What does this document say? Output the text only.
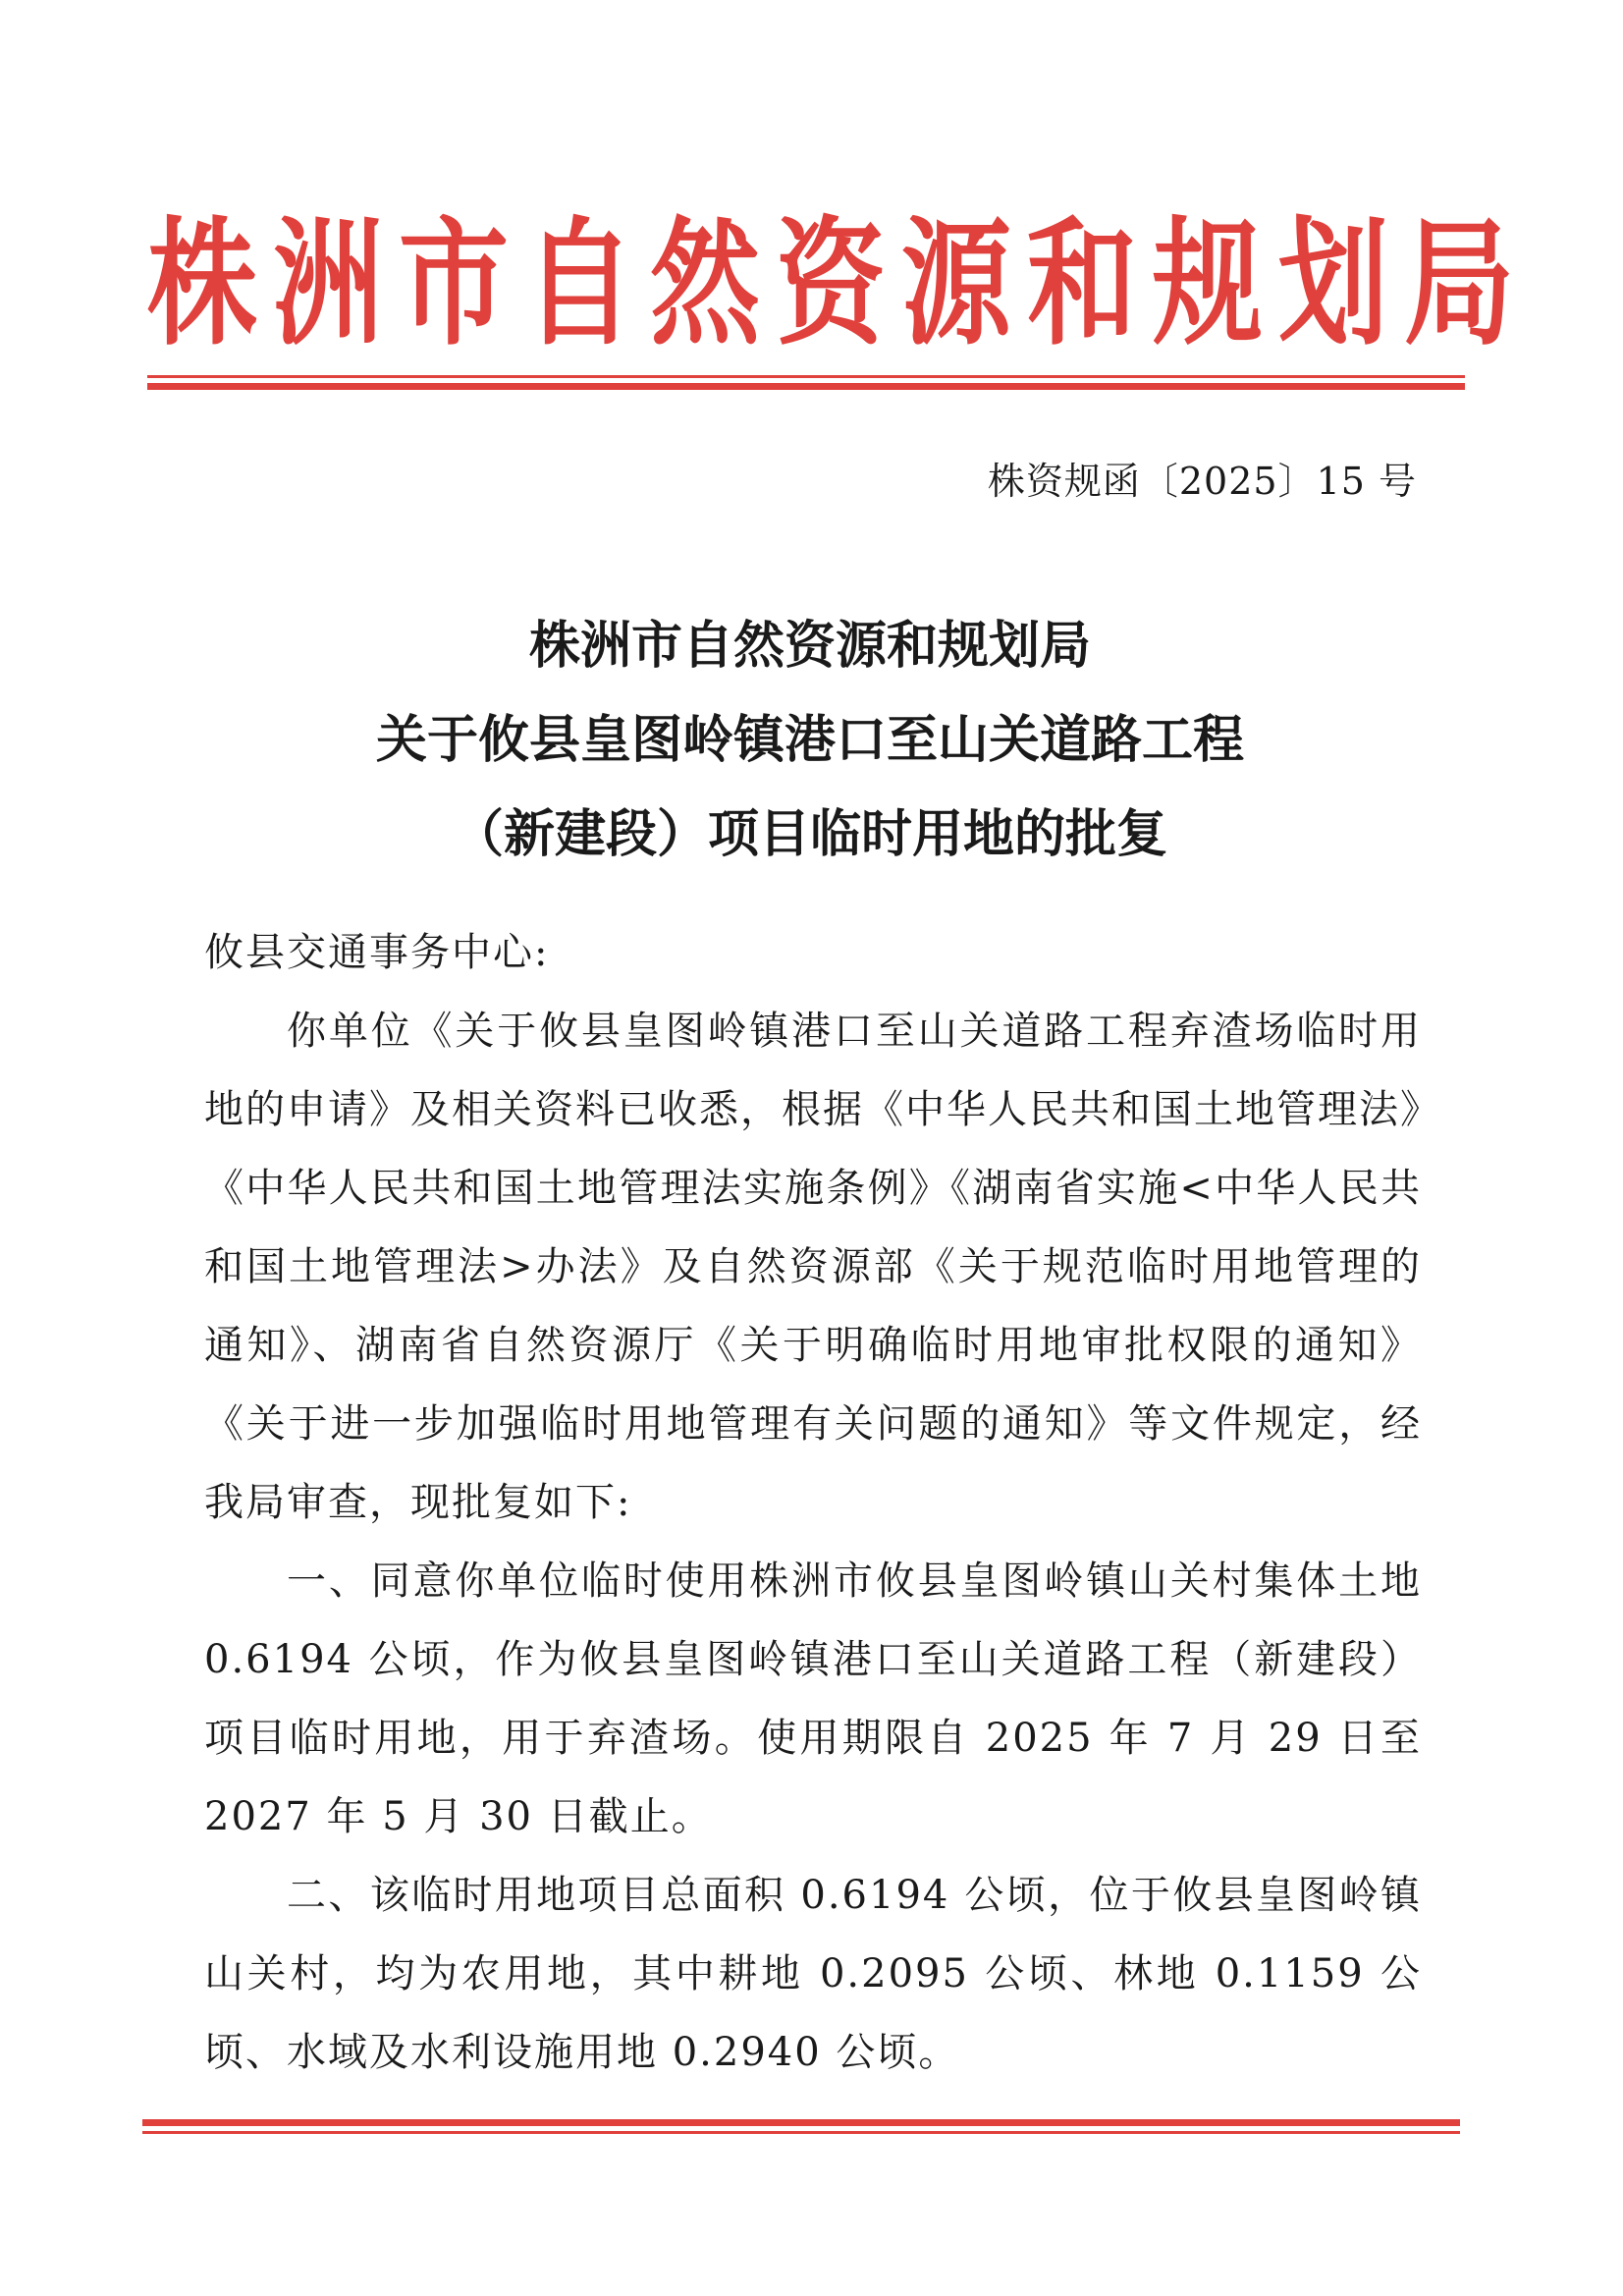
株洲市自然资源和规划局
株资规函〔2025〕15 号
株洲市自然资源和规划局
关于攸县皇图岭镇港口至山关道路工程
（新建段）项目临时用地的批复
攸县交通事务中心:
你单位《关于攸县皇图岭镇港口至山关道路工程弃渣场临时用地的申请》及相关资料已收悉，根据《中华人民共和国土地管理法》《中华人民共和国土地管理法实施条例》《湖南省实施<中华人民共和国土地管理法>办法》及自然资源部《关于规范临时用地管理的通知》、湖南省自然资源厅《关于明确临时用地审批权限的通知》《关于进一步加强临时用地管理有关问题的通知》等文件规定，经我局审查，现批复如下:
一、同意你单位临时使用株洲市攸县皇图岭镇山关村集体土地 0.6194 公顷，作为攸县皇图岭镇港口至山关道路工程（新建段）项目临时用地，用于弃渣场。使用期限自 2025 年 7 月 29 日至 2027 年 5 月 30 日截止。
二、该临时用地项目总面积 0.6194 公顷，位于攸县皇图岭镇山关村，均为农用地，其中耕地 0.2095 公顷、林地 0.1159 公顷、水域及水利设施用地 0.2940 公顷。
